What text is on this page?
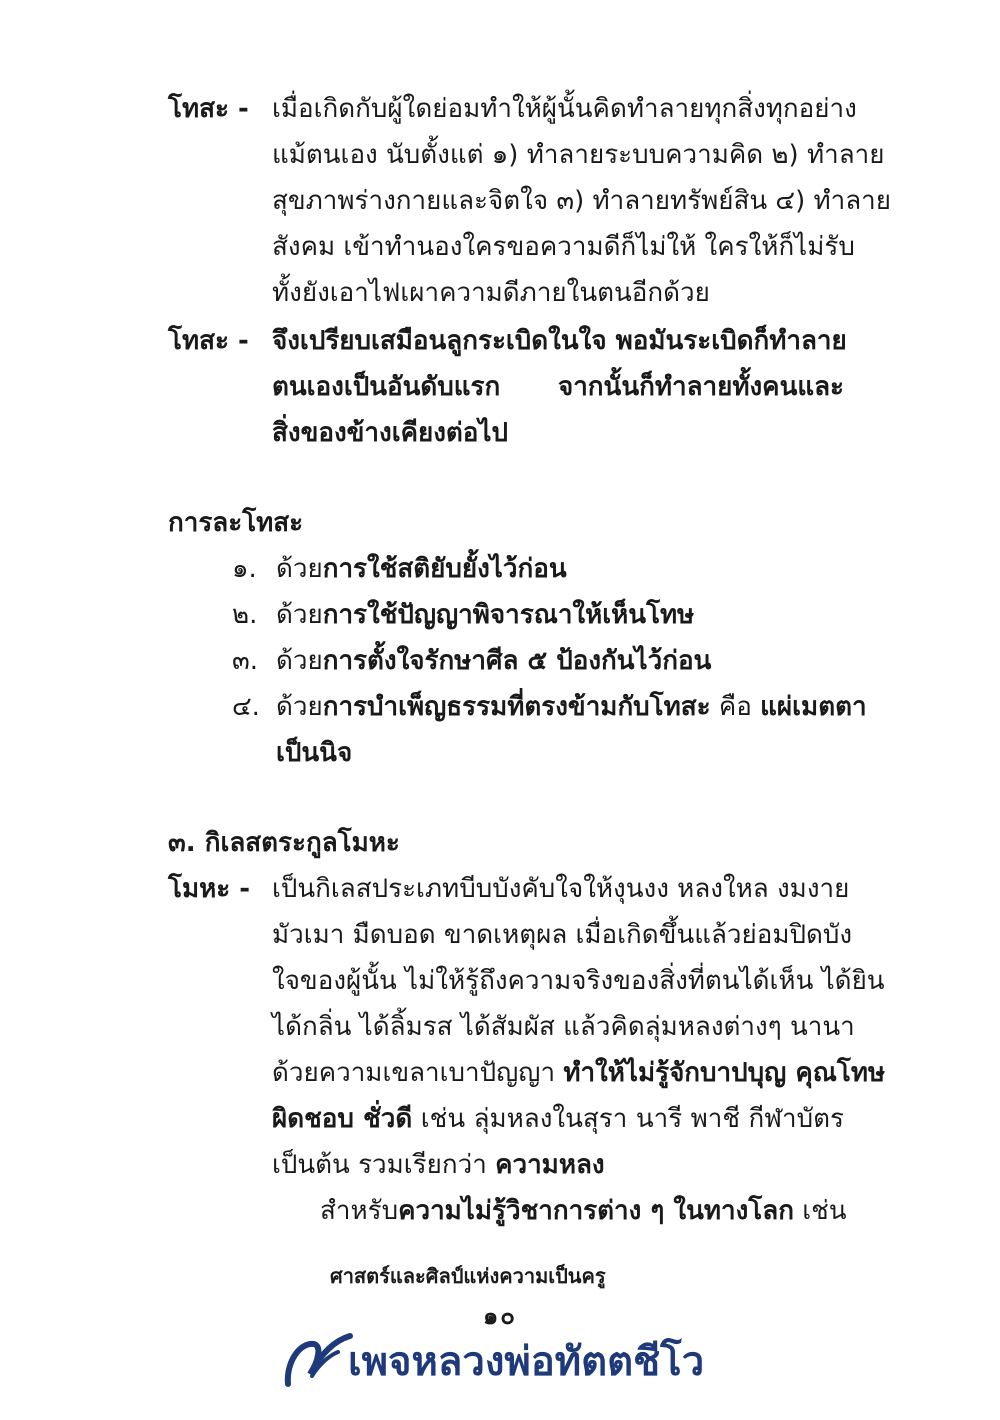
โทสะ - เมื่อเกิดกับผู้ใดย่อมทำให้ผู้นั้นคิดทำลายทุกสิ่งทุกอย่าง
แม้ตนเอง นับตั้งแต่ ๑) ทำลายระบบความคิด ๒) ทำลาย
สุขภาพร่างกายและจิตใจ ๓) ทำลายทรัพย์สิน ๔) ทำลาย
สังคม เข้าทำนองใครขอความดีก็ไม่ให้ ใครให้ก็ไม่รับ
ทั้งยังเอาไฟเผาความดีภายในตนอีกด้วย
โทสะ - จึงเปรียบเสมือนลูกระเบิดในใจ พอมันระเบิดก็ทำลาย
ตนเองเป็นอันดับแรก จากนั้นก็ทำลายทั้งคนและ
สิ่งของข้างเคียงต่อไป
การละโทสะ
๑. ด้วยการใช้สติยับยั้งไว้ก่อน
๒. ด้วยการใช้ปัญญาพิจารณาให้เห็นโทษ
๓. ด้วยการตั้งใจรักษาศีล ๕ ป้องกันไว้ก่อน
๔. ด้วยการบำเพ็ญธรรมที่ตรงข้ามกับโทสะ คือ แผ่เมตตา
เป็นนิจ
๓. กิเลสตระกูลโมหะ
โมหะ - เป็นกิเลสประเภทบีบบังคับใจให้งุนงง หลงใหล งมงาย
มัวเมา มืดบอด ขาดเหตุผล เมื่อเกิดขึ้นแล้วย่อมปิดบัง
ใจของผู้นั้น ไม่ให้รู้ถึงความจริงของสิ่งที่ตนได้เห็น ได้ยิน
ได้กลิ่น ได้ลิ้มรส ได้สัมผัส แล้วคิดลุ่มหลงต่างๆ นานา
ด้วยความเขลาเบาปัญญา ทำให้ไม่รู้จักบาปบุญ คุณโทษ
ผิดชอบ ชั่วดี เช่น ลุ่มหลงในสุรา นารี พาชี กีฬาบัตร
เป็นต้น รวมเรียกว่า ความหลง
สำหรับความไม่รู้วิชาการต่าง ๆ ในทางโลก เช่น
ศาสตร์และศิลป์แห่งความเป็นครู
๑๐
เพจหลวงพ่อทัตตชีโว
